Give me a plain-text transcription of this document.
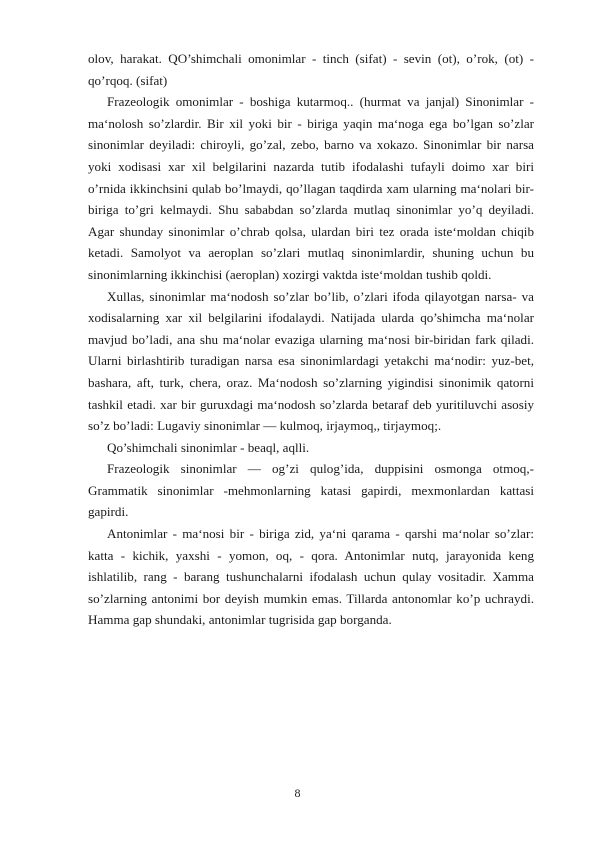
olov, harakat. QO’shimchali omonimlar - tinch (sifat) - sevin (ot), o’rok, (ot) - qo’rqoq. (sifat)

Frazeologik omonimlar - boshiga kutarmoq.. (hurmat va janjal) Sinonimlar - ma‘nolosh so’zlardir. Bir xil yoki bir - biriga yaqin ma‘noga ega bo’lgan so’zlar sinonimlar deyiladi: chiroyli, go’zal, zebo, barno va xokazo. Sinonimlar bir narsa yoki xodisasi xar xil belgilarini nazarda tutib ifodalashi tufayli doimo xar biri o’rnida ikkinchsini qulab bo’lmaydi, qo’llagan taqdirda xam ularning ma‘nolari bir-biriga to’gri kelmaydi. Shu sababdan so’zlarda mutlaq sinonimlar yo’q deyiladi. Agar shunday sinonimlar o’chrab qolsa, ulardan biri tez orada iste‘moldan chiqib ketadi. Samolyot va aeroplan so’zlari mutlaq sinonimlardir, shuning uchun bu sinonimlarning ikkinchisi (aeroplan) xozirgi vaktda iste‘moldan tushib qoldi.

Xullas, sinonimlar ma‘nodosh so’zlar bo’lib, o’zlari ifoda qilayotgan narsa- va xodisalarning xar xil belgilarini ifodalaydi. Natijada ularda qo’shimcha ma‘nolar mavjud bo’ladi, ana shu ma‘nolar evaziga ularning ma‘nosi bir-biridan fark qiladi. Ularni birlashtirib turadigan narsa esa sinonimlardagi yetakchi ma‘nodir: yuz-bet, bashara, aft, turk, chera, oraz. Ma‘nodosh so’zlarning yigindisi sinonimik qatorni tashkil etadi. xar bir guruxdagi ma‘nodosh so’zlarda betaraf deb yuritiluvchi asosiy so’z bo’ladi: Lugaviy sinonimlar — kulmoq, irjaymoq,, tirjaymoq;.

Qo’shimchali sinonimlar - beaql, aqlli.

Frazeologik sinonimlar — og’zi qulog’ida, duppisini osmonga otmoq,- Grammatik sinonimlar -mehmonlarning katasi gapirdi, mexmonlardan kattasi gapirdi.

Antonimlar - ma‘nosi bir - biriga zid, ya‘ni qarama - qarshi ma‘nolar so’zlar: katta - kichik, yaxshi - yomon, oq, - qora. Antonimlar nutq, jarayonida keng ishlatilib, rang - barang tushunchalarni ifodalash uchun qulay vositadir. Xamma so’zlarning antonimi bor deyish mumkin emas. Tillarda antonomlar ko’p uchraydi. Hamma gap shundaki, antonimlar tugrisida gap borganda.

8
